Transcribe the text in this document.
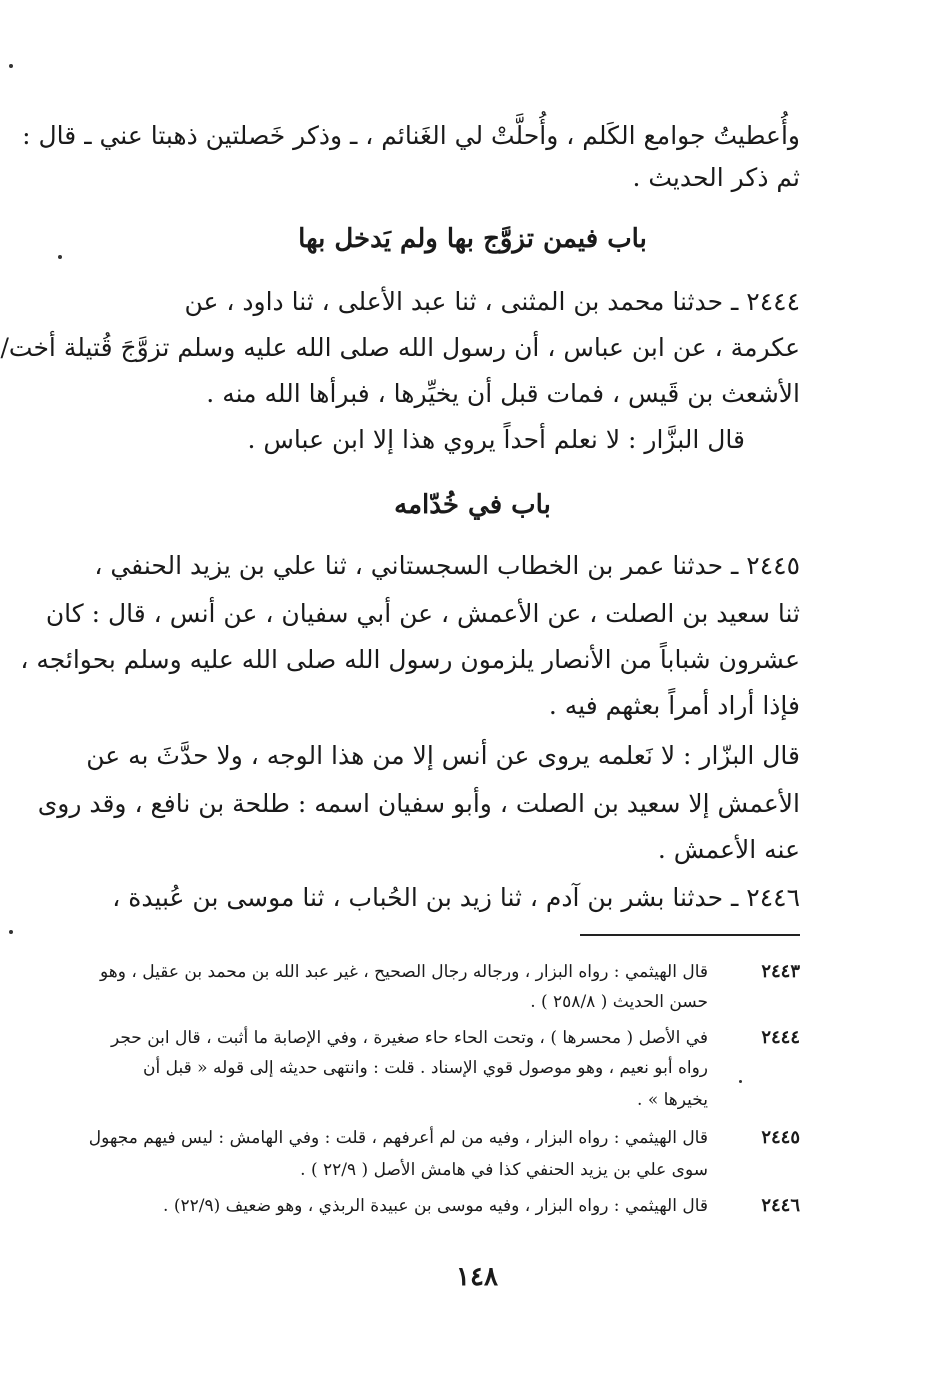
وأُعطيتُ جوامع الكَلم ، وأُحلَّتْ لي الغَنائم ، ـ وذكر خَصلتين ذهبتا عني ـ قال :
ثم ذكر الحديث .
باب فيمن تزوَّج بها ولم يَدخل بها
٢٤٤٤ ـ حدثنا محمد بن المثنى ، ثنا عبد الأعلى ، ثنا داود ، عن
عكرمة ، عن ابن عباس ، أن رسول الله صلى الله عليه وسلم تزوَّجَ قُتيلة أخت/
الأشعث بن قَيس ، فمات قبل أن يخيِّرها ، فبرأها الله منه .
قال البزَّار : لا نعلم أحداً يروي هذا إلا ابن عباس .
باب في خُدّامه
٢٤٤٥ ـ حدثنا عمر بن الخطاب السجستاني ، ثنا علي بن يزيد الحنفي ،
ثنا سعيد بن الصلت ، عن الأعمش ، عن أبي سفيان ، عن أنس ، قال : كان
عشرون شباباً من الأنصار يلزمون رسول الله صلى الله عليه وسلم بحوائجه ،
فإذا أراد أمراً بعثهم فيه .
قال البزّار : لا نَعلمه يروى عن أنس إلا من هذا الوجه ، ولا حدَّثَ به عن
الأعمش إلا سعيد بن الصلت ، وأبو سفيان اسمه : طلحة بن نافع ، وقد روى
عنه الأعمش .
٢٤٤٦ ـ حدثنا بشر بن آدم ، ثنا زيد بن الحُباب ، ثنا موسى بن عُبيدة ،
٢٤٤٣
قال الهيثمي : رواه البزار ، ورجاله رجال الصحيح ، غير عبد الله بن محمد بن عقيل ، وهو
حسن الحديث ( ٢٥٨/٨ ) .
٢٤٤٤
في الأصل ( محسرها ) ، وتحت الحاء حاء صغيرة ، وفي الإصابة ما أثبت ، قال ابن حجر
رواه أبو نعيم ، وهو موصول قوي الإسناد . قلت : وانتهى حديثه إلى قوله « قبل أن
يخيرها » .
٢٤٤٥
قال الهيثمي : رواه البزار ، وفيه من لم أعرفهم ، قلت : وفي الهامش : ليس فيهم مجهول
سوى علي بن يزيد الحنفي كذا في هامش الأصل ( ٢٢/٩ ) .
٢٤٤٦
قال الهيثمي : رواه البزار ، وفيه موسى بن عبيدة الربذي ، وهو ضعيف (٢٢/٩) .
١٤٨
